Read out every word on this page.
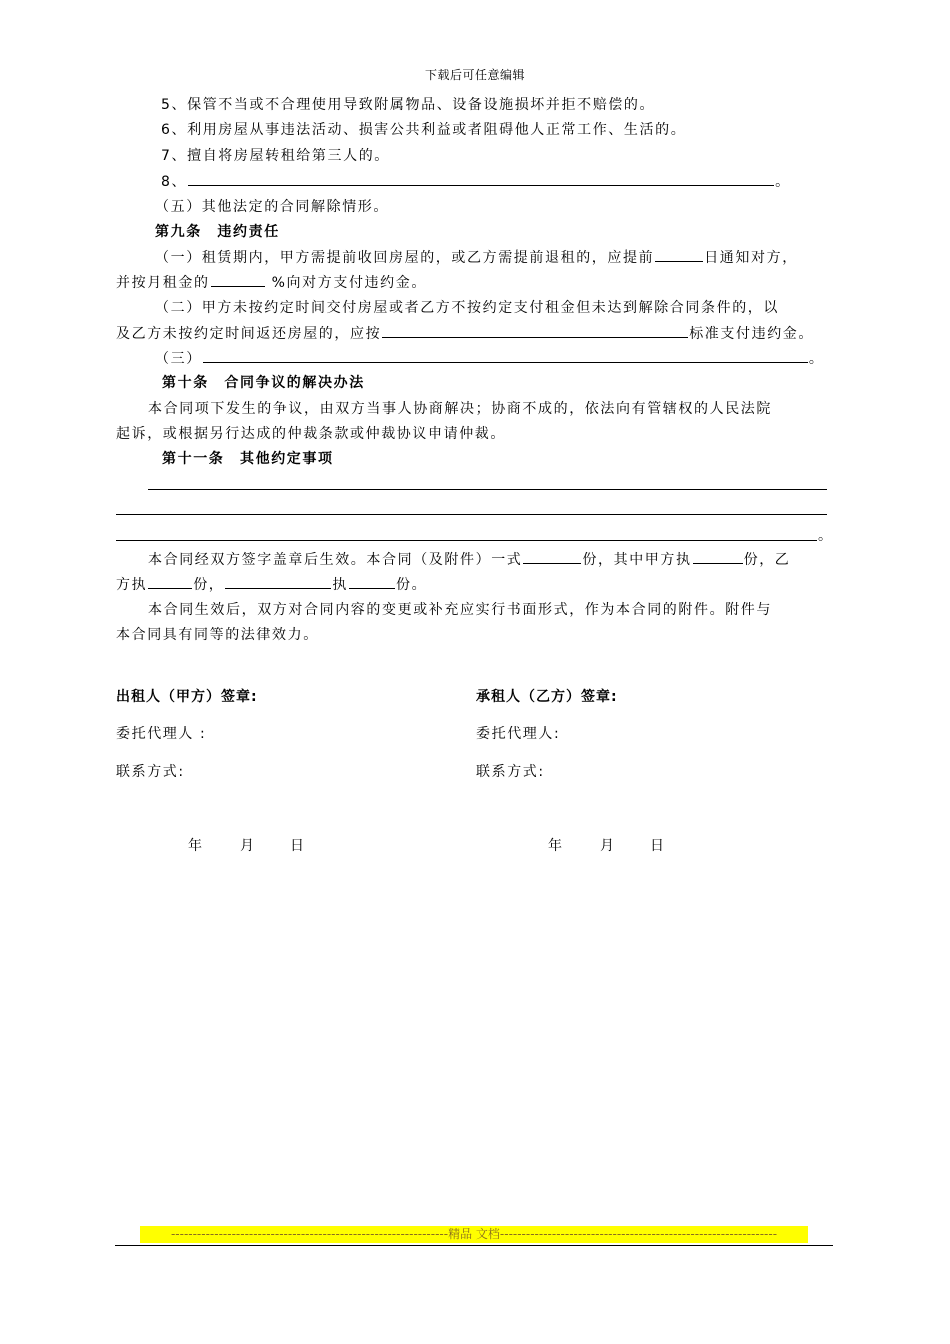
下载后可任意编辑
5、保管不当或不合理使用导致附属物品、设备设施损坏并拒不赔偿的。
6、利用房屋从事违法活动、损害公共利益或者阻碍他人正常工作、生活的。
7、擅自将房屋转租给第三人的。
8、	。
（五）其他法定的合同解除情形。
第九条　违约责任
（一）租赁期内，甲方需提前收回房屋的，或乙方需提前退租的，应提前	日通知对方，
并按月租金的	%向对方支付违约金。
（二）甲方未按约定时间交付房屋或者乙方不按约定支付租金但未达到解除合同条件的，以
及乙方未按约定时间返还房屋的，应按	标准支付违约金。
（三）	。
第十条　合同争议的解决办法
本合同项下发生的争议，由双方当事人协商解决；协商不成的，依法向有管辖权的人民法院
起诉，或根据另行达成的仲裁条款或仲裁协议申请仲裁。
第十一条　其他约定事项
。
本合同经双方签字盖章后生效。本合同（及附件）一式	份，其中甲方执	份，乙
方执	份，	执	份。
本合同生效后，双方对合同内容的变更或补充应实行书面形式，作为本合同的附件。附件与
本合同具有同等的法律效力。
出租人（甲方）签章:	承租人（乙方）签章:
委托代理人 :	委托代理人:
联系方式:	联系方式:
年	月 日	年	月 日
----------------------------------------------------------------精品 文档----------------------------------------------------------------
